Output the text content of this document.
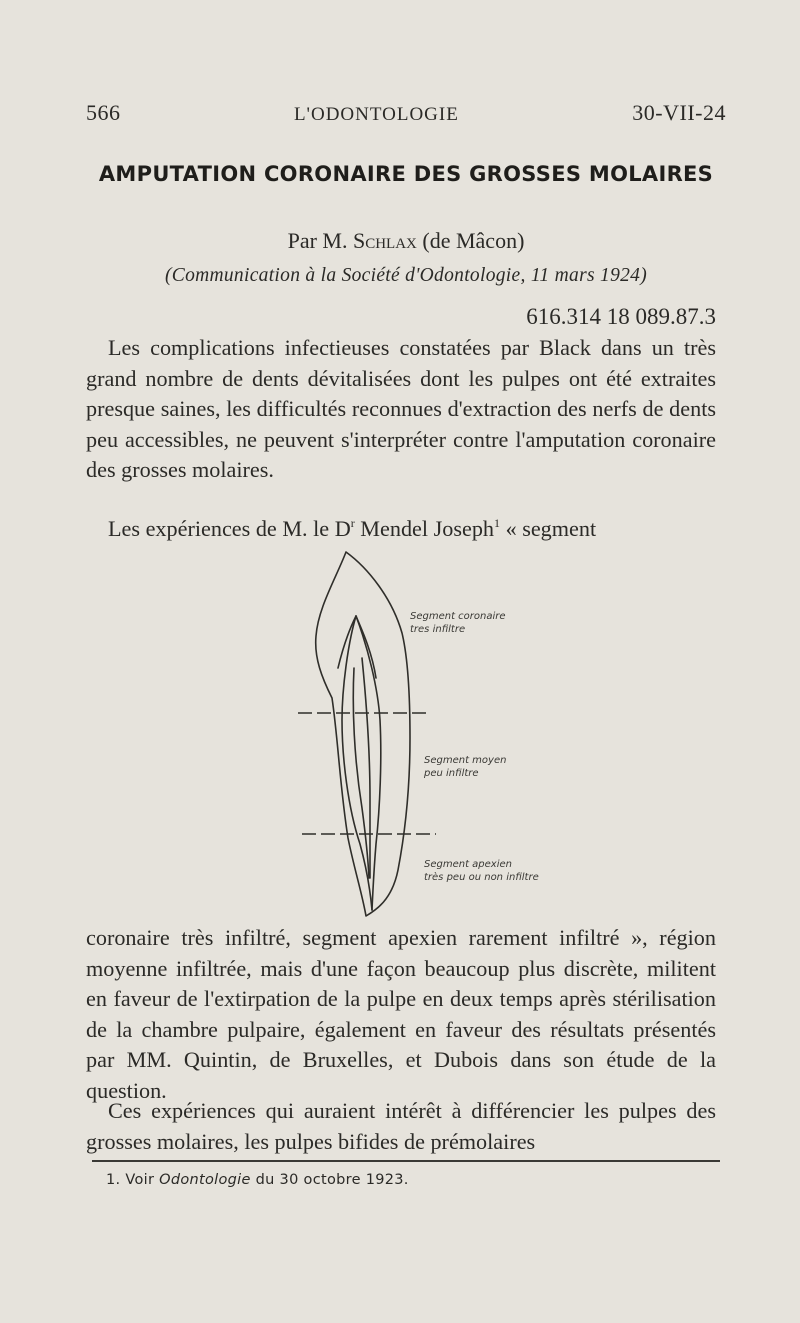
566	L'ODONTOLOGIE	30-VII-24
AMPUTATION CORONAIRE DES GROSSES MOLAIRES
Par M. Schlax (de Mâcon)
(Communication à la Société d'Odontologie, 11 mars 1924)
616.314 18 089.87.3
Les complications infectieuses constatées par Black dans un très grand nombre de dents dévitalisées dont les pulpes ont été extraites presque saines, les difficultés reconnues d'extraction des nerfs de dents peu accessibles, ne peuvent s'interpréter contre l'amputation coronaire des grosses molaires.
Les expériences de M. le $D^r$ Mendel Joseph$^1$ « segment
Segment coronaire
tres infiltre
Segment moyen
peu infiltre
Segment apexien
très peu ou non infiltre
coronaire très infiltré, segment apexien rarement infiltré », région moyenne infiltrée, mais d'une façon beaucoup plus discrète, militent en faveur de l'extirpation de la pulpe en deux temps après stérilisation de la chambre pulpaire, également en faveur des résultats présentés par MM. Quintin, de Bruxelles, et Dubois dans son étude de la question.
Ces expériences qui auraient intérêt à différencier les pulpes des grosses molaires, les pulpes bifides de prémolaires
1. Voir Odontologie du 30 octobre 1923.
